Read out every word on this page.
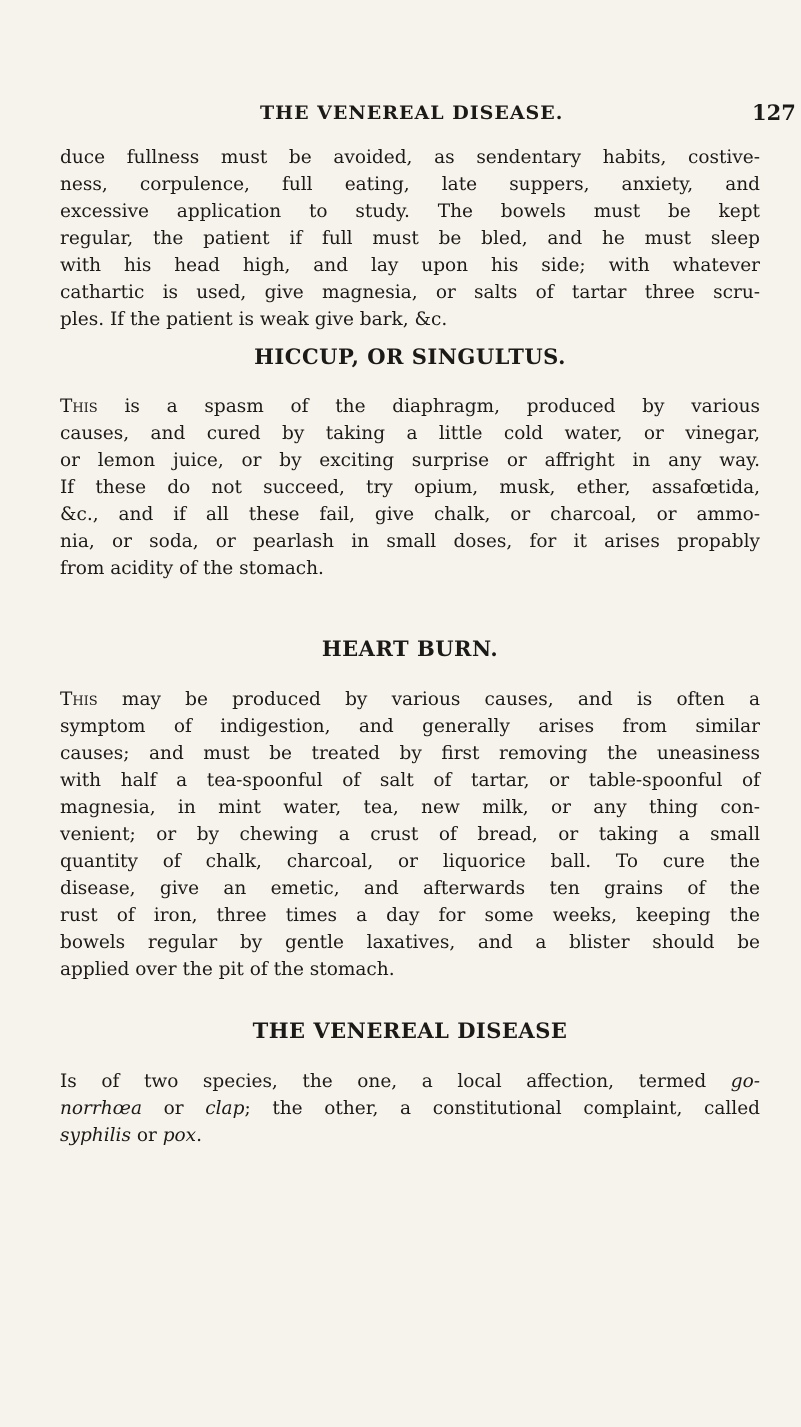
THE VENEREAL DISEASE.	127

duce fullness must be avoided, as sendentary habits, costive-
ness, corpulence, full eating, late suppers, anxiety, and
excessive application to study. The bowels must be kept
regular, the patient if full must be bled, and he must sleep
with his head high, and lay upon his side; with whatever
cathartic is used, give magnesia, or salts of tartar three scru-
ples. If the patient is weak give bark, &c.

HICCUP, OR SINGULTUS.

This is a spasm of the diaphragm, produced by various
causes, and cured by taking a little cold water, or vinegar,
or lemon juice, or by exciting surprise or affright in any way.
If these do not succeed, try opium, musk, ether, assafœtida,
&c., and if all these fail, give chalk, or charcoal, or ammo-
nia, or soda, or pearlash in small doses, for it arises propably
from acidity of the stomach.

HEART BURN.

This may be produced by various causes, and is often a
symptom of indigestion, and generally arises from similar
causes; and must be treated by first removing the uneasiness
with half a tea-spoonful of salt of tartar, or table-spoonful of
magnesia, in mint water, tea, new milk, or any thing con-
venient; or by chewing a crust of bread, or taking a small
quantity of chalk, charcoal, or liquorice ball. To cure the
disease, give an emetic, and afterwards ten grains of the
rust of iron, three times a day for some weeks, keeping the
bowels regular by gentle laxatives, and a blister should be
applied over the pit of the stomach.

THE VENEREAL DISEASE

Is of two species, the one, a local affection, termed go-
norrhœa or clap; the other, a constitutional complaint, called
syphilis or pox.
